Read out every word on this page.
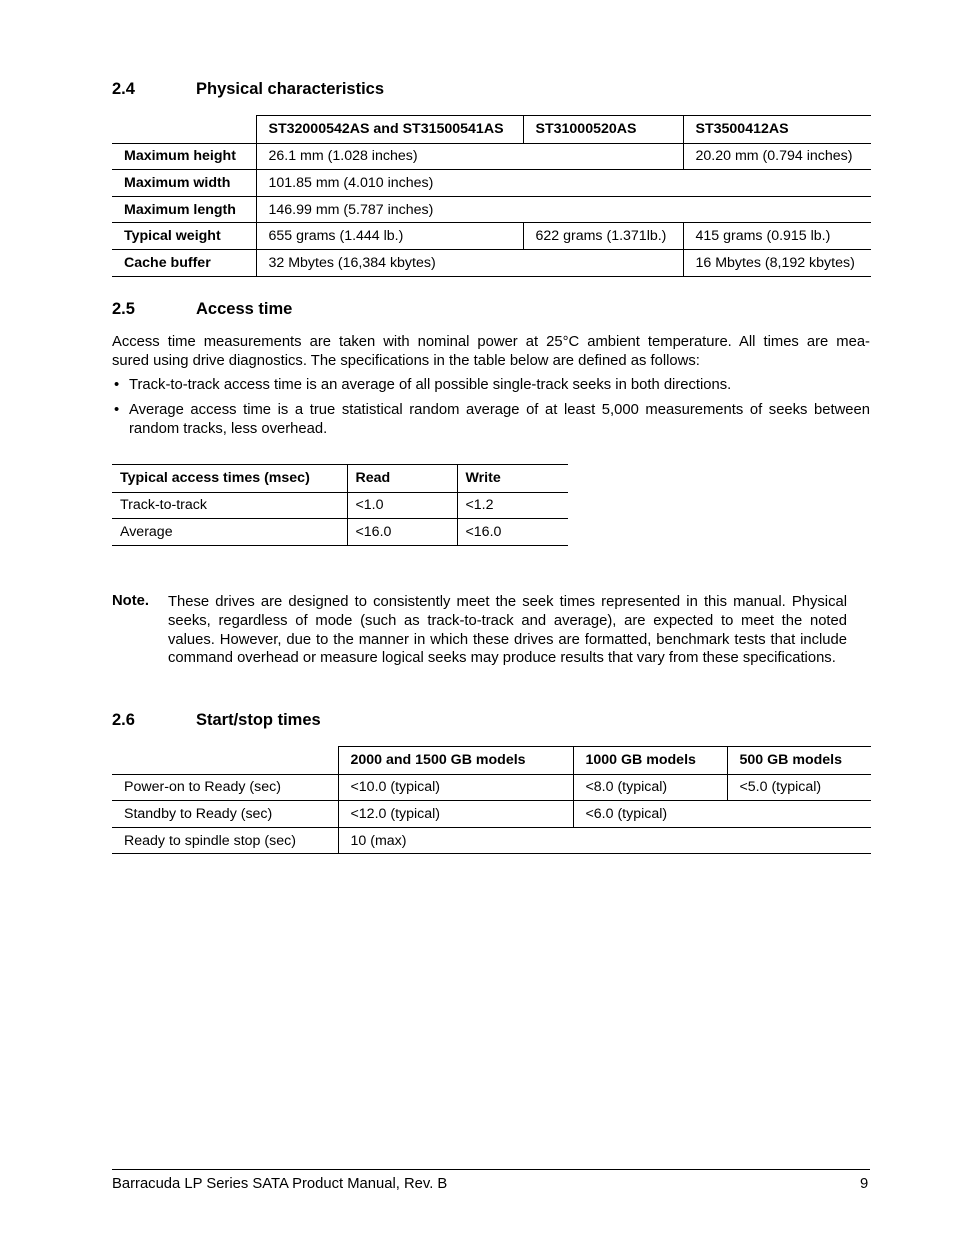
2.4	Physical characteristics
	ST32000542AS and ST31500541AS	ST31000520AS	ST3500412AS
Maximum height	26.1 mm (1.028 inches)		20.20 mm (0.794 inches)
Maximum width	101.85 mm (4.010 inches)		
Maximum length	146.99 mm (5.787 inches)		
Typical weight	655 grams (1.444 lb.)	622 grams (1.371lb.)	415 grams (0.915 lb.)
Cache buffer	32 Mbytes (16,384 kbytes)		16 Mbytes (8,192 kbytes)
2.5	Access time
Access time measurements are taken with nominal power at 25°C ambient temperature. All times are mea-
sured using drive diagnostics. The specifications in the table below are defined as follows:
• Track-to-track access time is an average of all possible single-track seeks in both directions.
• Average access time is a true statistical random average of at least 5,000 measurements of seeks between random tracks, less overhead.
Typical access times (msec)	Read	Write
Track-to-track	<1.0	<1.2
Average	<16.0	<16.0
Note. These drives are designed to consistently meet the seek times represented in this manual. Physical seeks, regardless of mode (such as track-to-track and average), are expected to meet the noted values. However, due to the manner in which these drives are formatted, benchmark tests that include command overhead or measure logical seeks may produce results that vary from these specifications.
2.6	Start/stop times
	2000 and 1500 GB models	1000 GB models	500 GB models
Power-on to Ready (sec)	<10.0 (typical)	<8.0 (typical)	<5.0 (typical)
Standby to Ready (sec)	<12.0 (typical)	<6.0 (typical)	
Ready to spindle stop (sec)	10 (max)		
Barracuda LP Series SATA Product Manual, Rev. B	9
